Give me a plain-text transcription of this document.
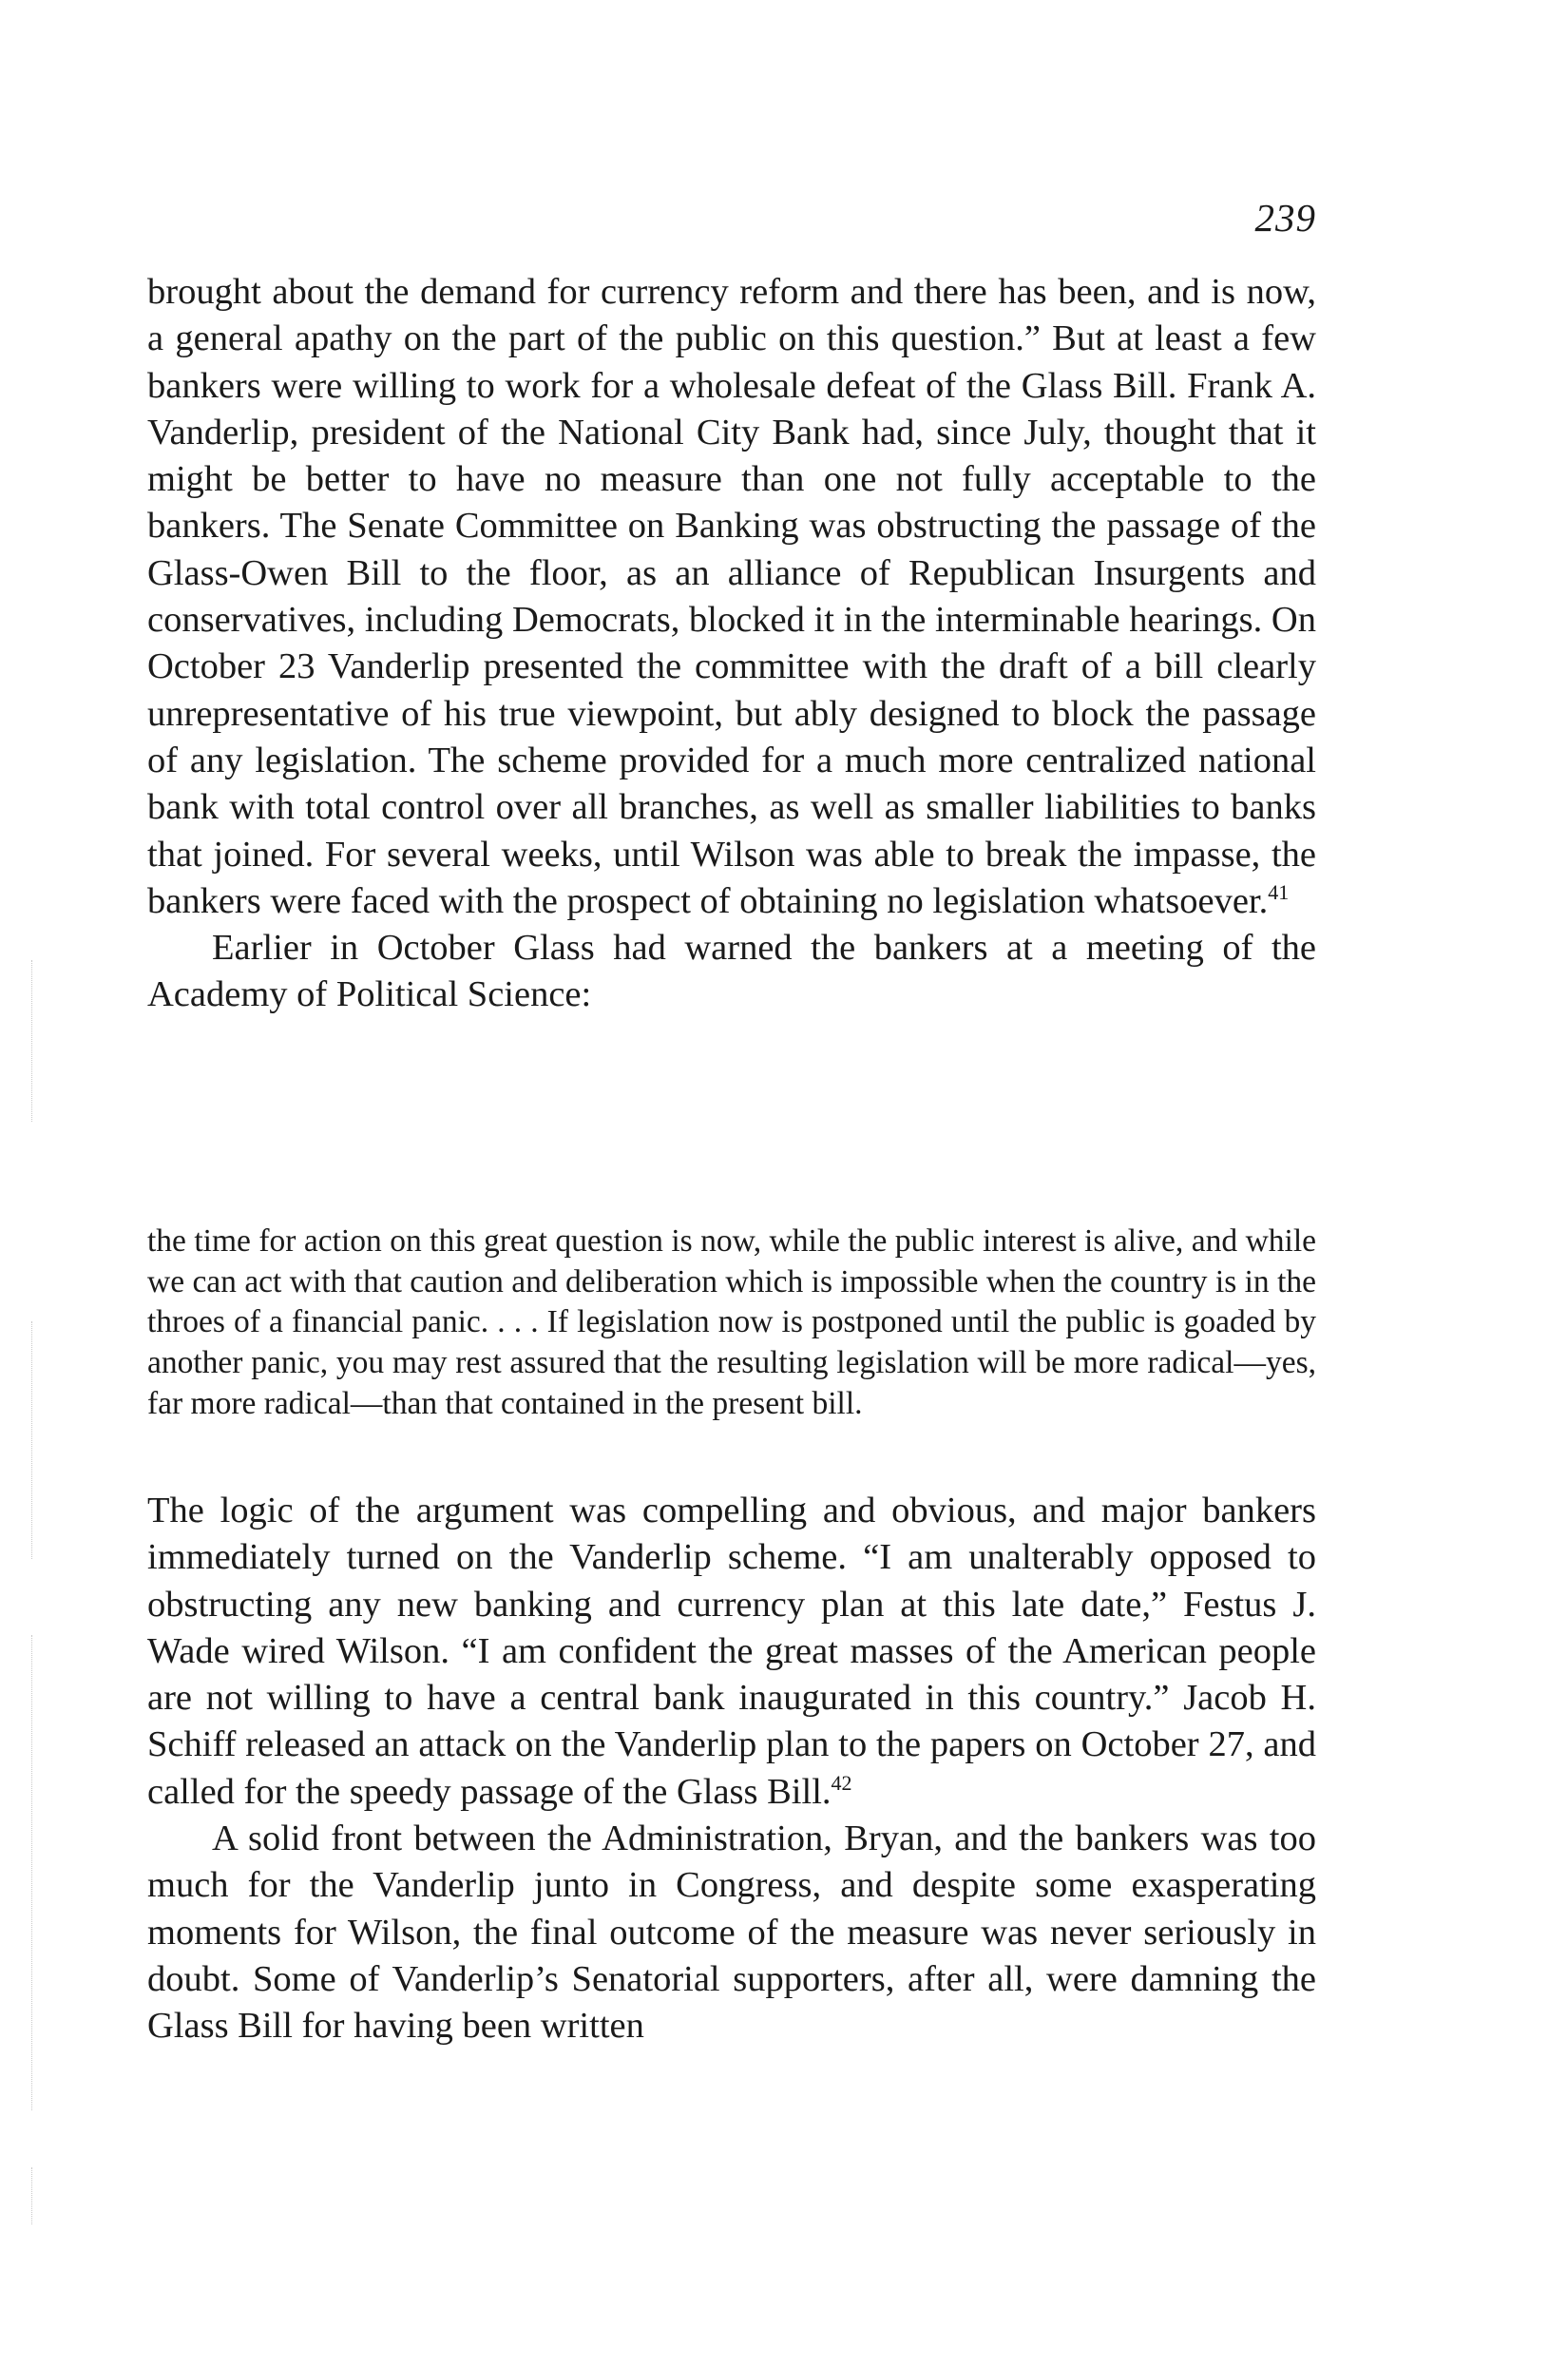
239

brought about the demand for currency reform and there has been, and is now, a general apathy on the part of the public on this question.” But at least a few bankers were willing to work for a wholesale defeat of the Glass Bill. Frank A. Vanderlip, president of the National City Bank had, since July, thought that it might be better to have no measure than one not fully acceptable to the bankers. The Senate Committee on Banking was obstructing the passage of the Glass-Owen Bill to the floor, as an alliance of Republican Insurgents and conservatives, including Democrats, blocked it in the interminable hearings. On October 23 Vanderlip presented the committee with the draft of a bill clearly unrepresentative of his true viewpoint, but ably designed to block the passage of any legislation. The scheme provided for a much more centralized national bank with total control over all branches, as well as smaller liabilities to banks that joined. For several weeks, until Wilson was able to break the impasse, the bankers were faced with the prospect of obtaining no legislation whatsoever.$^{41}$

Earlier in October Glass had warned the bankers at a meeting of the Academy of Political Science:

the time for action on this great question is now, while the public interest is alive, and while we can act with that caution and deliberation which is impossible when the country is in the throes of a financial panic. . . . If legislation now is postponed until the public is goaded by another panic, you may rest assured that the resulting legislation will be more radical—yes, far more radical—than that contained in the present bill.

The logic of the argument was compelling and obvious, and major bankers immediately turned on the Vanderlip scheme. “I am unalterably opposed to obstructing any new banking and currency plan at this late date,” Festus J. Wade wired Wilson. “I am confident the great masses of the American people are not willing to have a central bank inaugurated in this country.” Jacob H. Schiff released an attack on the Vanderlip plan to the papers on October 27, and called for the speedy passage of the Glass Bill.$^{42}$

A solid front between the Administration, Bryan, and the bankers was too much for the Vanderlip junto in Congress, and despite some exasperating moments for Wilson, the final outcome of the measure was never seriously in doubt. Some of Vanderlip’s Senatorial supporters, after all, were damning the Glass Bill for having been written
